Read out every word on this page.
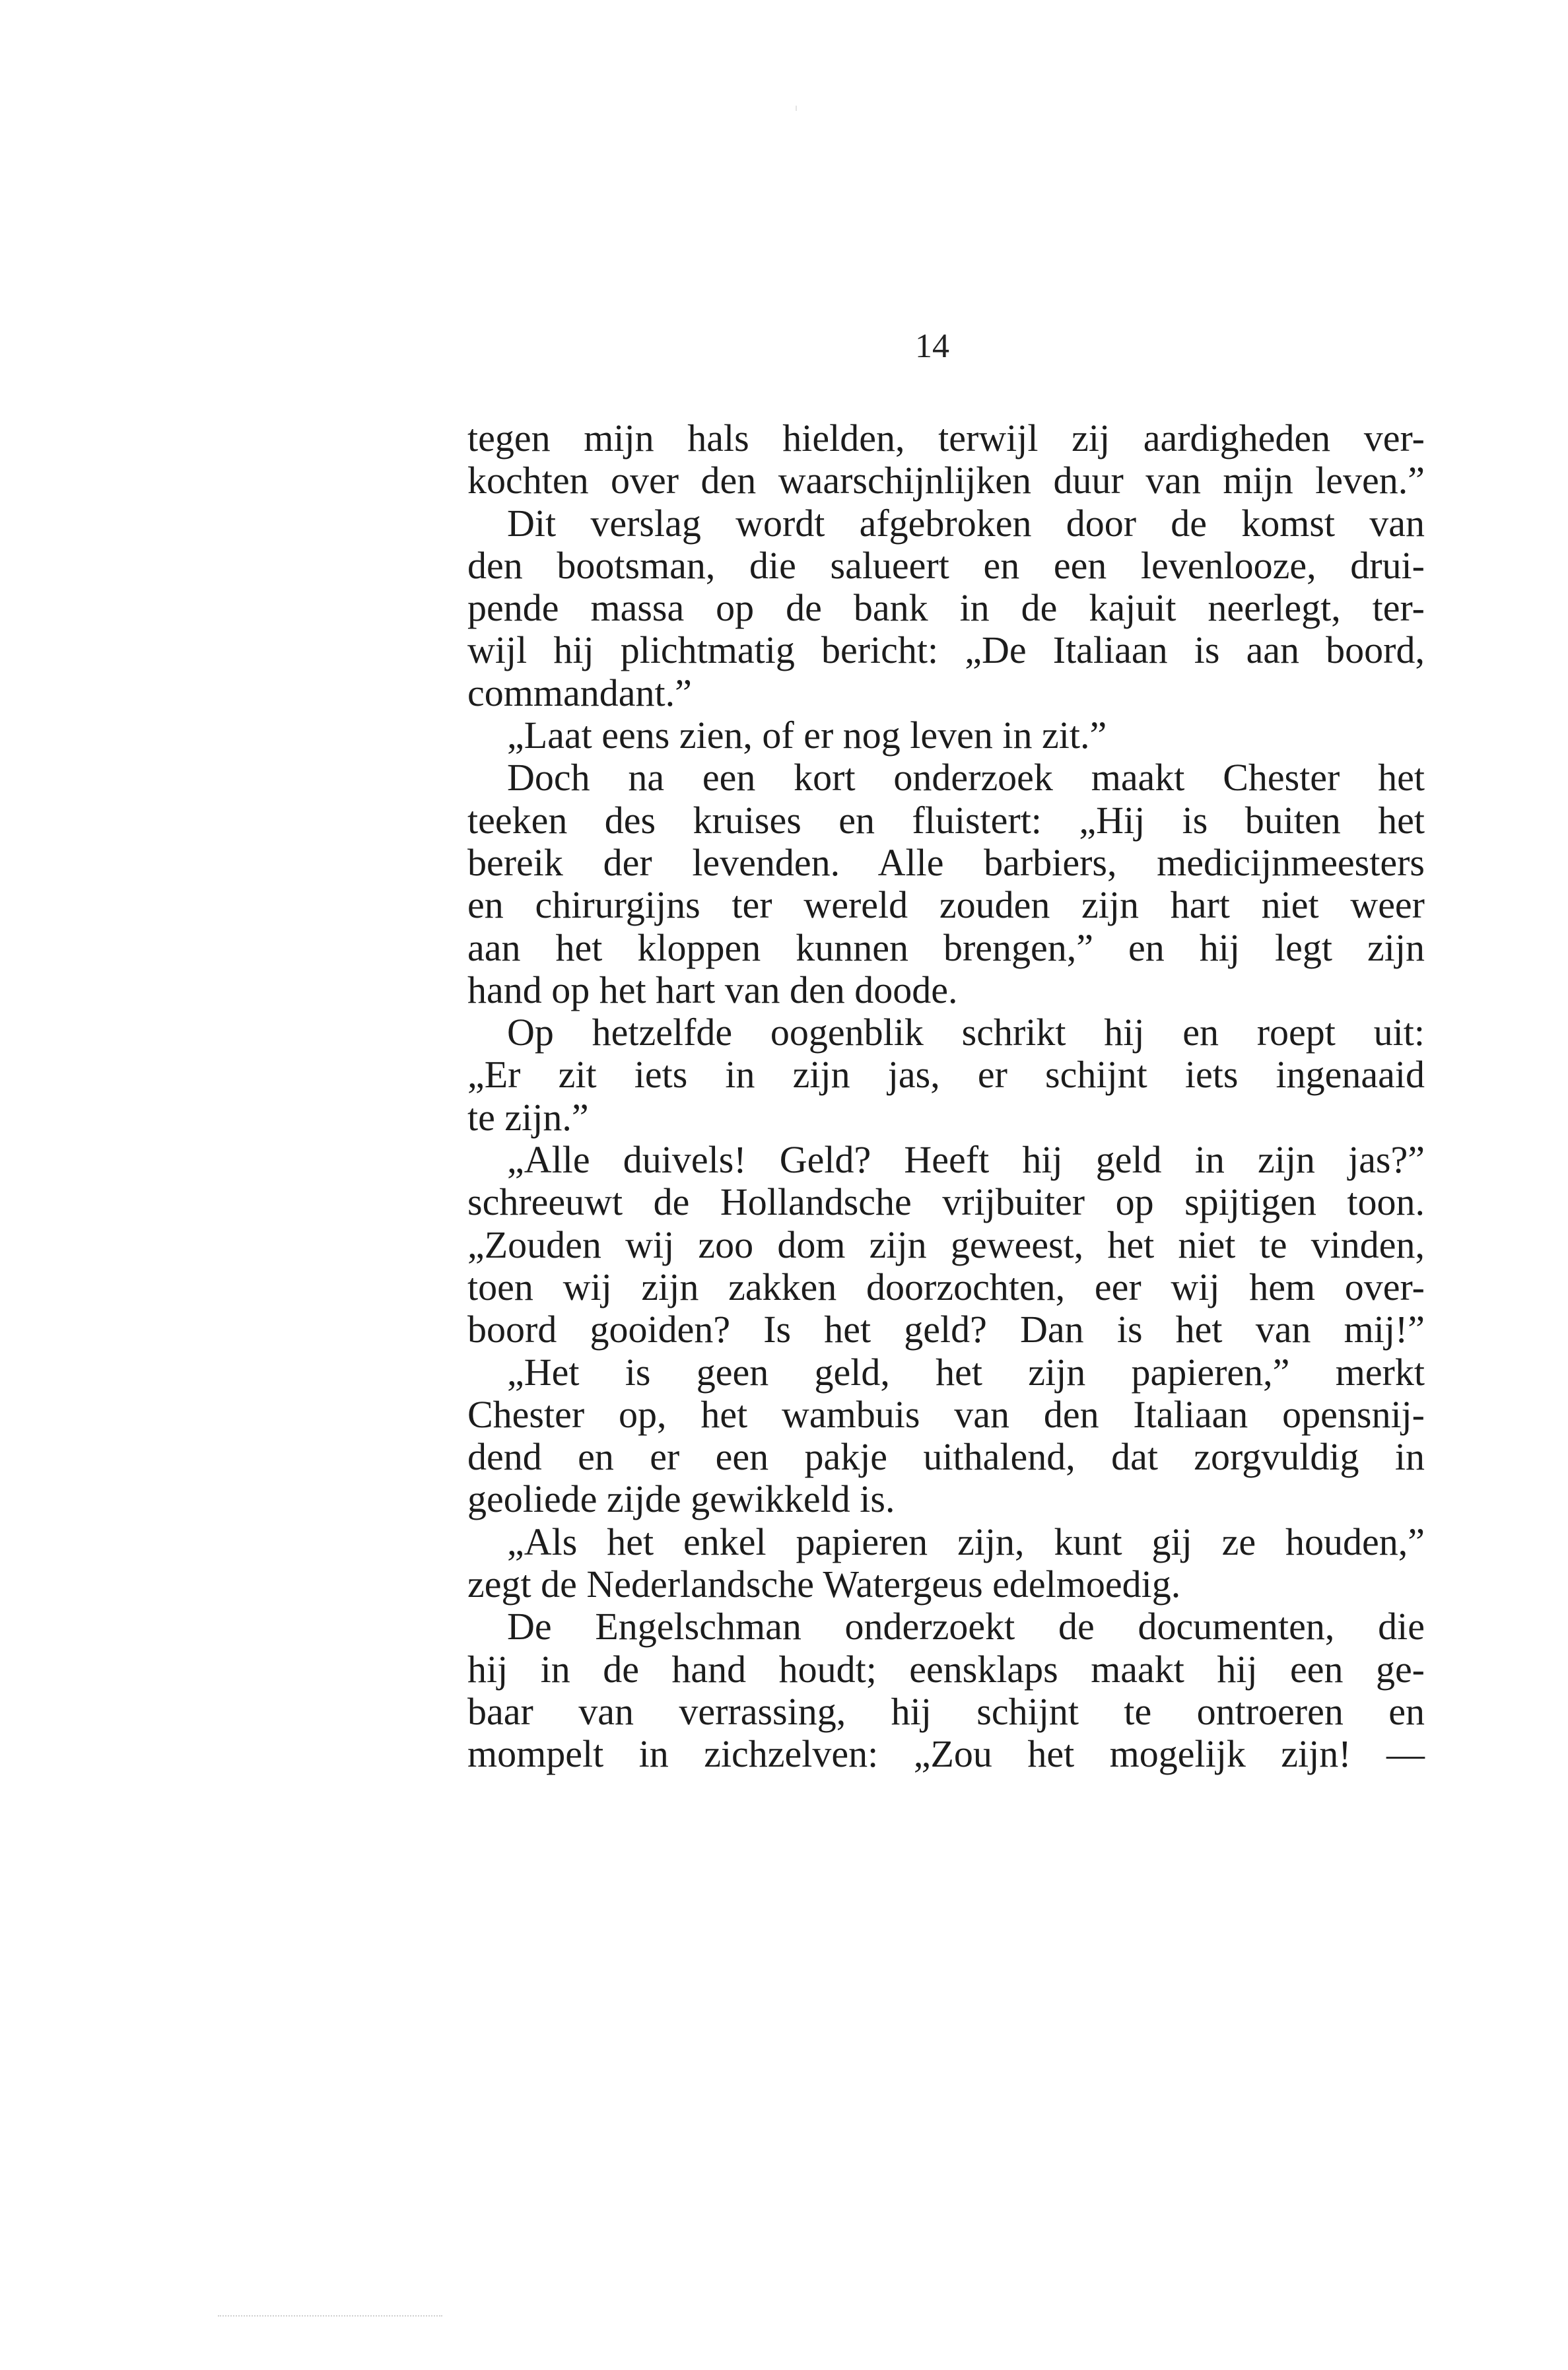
14
tegen mijn hals hielden, terwijl zij aardigheden ver-
kochten over den waarschijnlijken duur van mijn leven.”
Dit verslag wordt afgebroken door de komst van
den bootsman, die salueert en een levenlooze, drui-
pende massa op de bank in de kajuit neerlegt, ter-
wijl hij plichtmatig bericht: „De Italiaan is aan boord,
commandant.”
„Laat eens zien, of er nog leven in zit.”
Doch na een kort onderzoek maakt Chester het
teeken des kruises en fluistert: „Hij is buiten het
bereik der levenden. Alle barbiers, medicijnmeesters
en chirurgijns ter wereld zouden zijn hart niet weer
aan het kloppen kunnen brengen,” en hij legt zijn
hand op het hart van den doode.
Op hetzelfde oogenblik schrikt hij en roept uit:
„Er zit iets in zijn jas, er schijnt iets ingenaaid
te zijn.”
„Alle duivels! Geld? Heeft hij geld in zijn jas?”
schreeuwt de Hollandsche vrijbuiter op spijtigen toon.
„Zouden wij zoo dom zijn geweest, het niet te vinden,
toen wij zijn zakken doorzochten, eer wij hem over-
boord gooiden? Is het geld? Dan is het van mij!”
„Het is geen geld, het zijn papieren,” merkt
Chester op, het wambuis van den Italiaan opensnij-
dend en er een pakje uithalend, dat zorgvuldig in
geoliede zijde gewikkeld is.
„Als het enkel papieren zijn, kunt gij ze houden,”
zegt de Nederlandsche Watergeus edelmoedig.
De Engelschman onderzoekt de documenten, die
hij in de hand houdt; eensklaps maakt hij een ge-
baar van verrassing, hij schijnt te ontroeren en
mompelt in zichzelven: „Zou het mogelijk zijn! —
